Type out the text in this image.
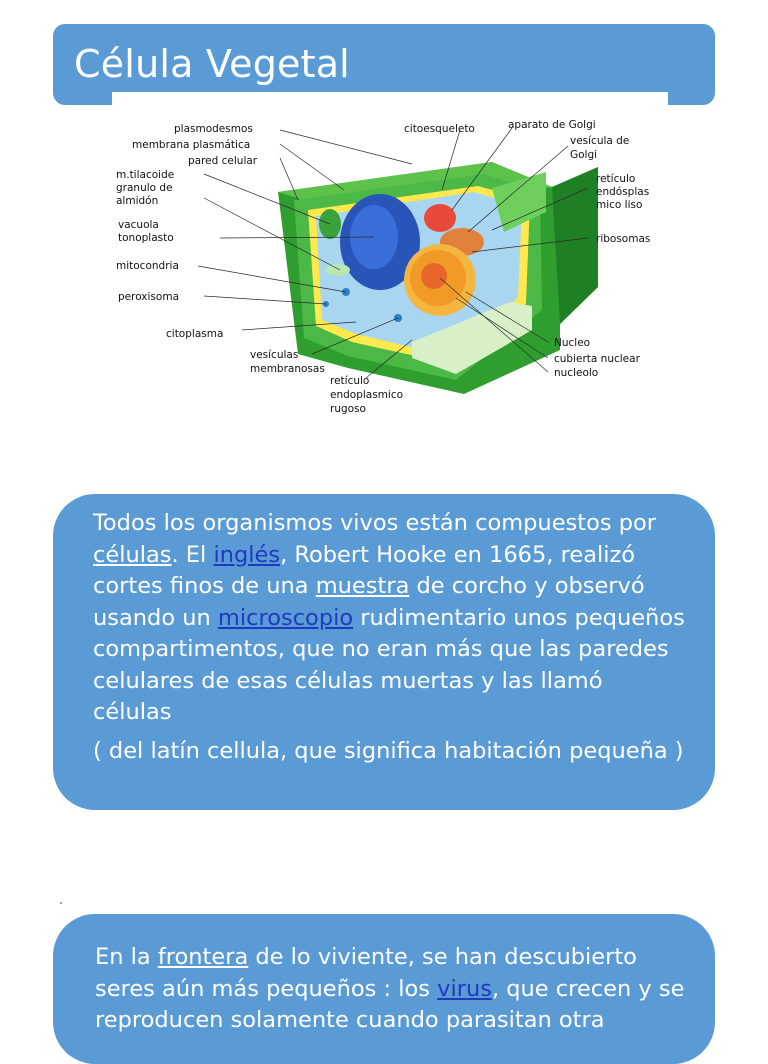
Célula Vegetal
plasmodesmos
membrana plasmática
pared celular
m.tilacoide
granulo de
almidón
vacuola
tonoplasto
mitocondria
peroxisoma
citoplasma
vesículas
membranosas
retículo
endoplasmico
rugoso
citoesqueleto	aparato de Golgi
vesícula de
Golgi
retículo
endósplas
mico liso
ribosomas
Nucleo
cubierta nuclear
nucleolo

Todos los organismos vivos están compuestos por células. El inglés, Robert Hooke en 1665, realizó cortes finos de una muestra de corcho y observó usando un microscopio rudimentario unos pequeños compartimentos, que no eran más que las paredes celulares de esas células muertas y las llamó células

( del latín cellula, que significa habitación pequeña )

En la frontera de lo viviente, se han descubierto seres aún más pequeños : los virus, que crecen y se reproducen solamente cuando parasitan otra
